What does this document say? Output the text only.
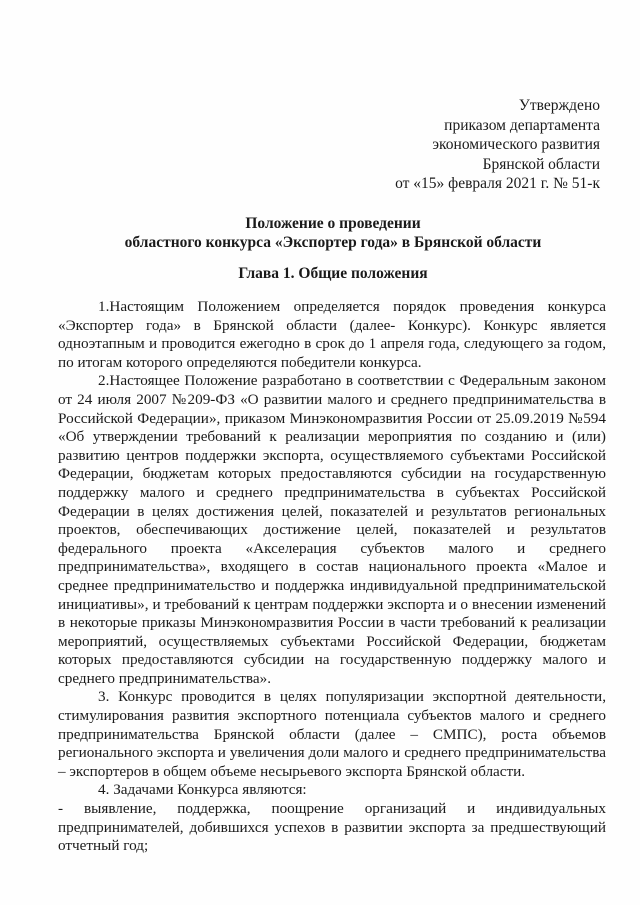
Утверждено
приказом департамента
экономического развития
Брянской области
от «15» февраля 2021 г. № 51-к
Положение о проведении
областного конкурса «Экспортер года» в Брянской области
Глава 1. Общие положения

1.Настоящим Положением определяется порядок проведения конкурса «Экспортер года» в Брянской области (далее- Конкурс). Конкурс является одноэтапным и проводится ежегодно в срок до 1 апреля года, следующего за годом, по итогам которого определяются победители конкурса.

2.Настоящее Положение разработано в соответствии с Федеральным законом от 24 июля 2007 №209-ФЗ «О развитии малого и среднего предпринимательства в Российской Федерации», приказом Минэкономразвития России от 25.09.2019 №594 «Об утверждении требований к реализации мероприятия по созданию и (или) развитию центров поддержки экспорта, осуществляемого субъектами Российской Федерации, бюджетам которых предоставляются субсидии на государственную поддержку малого и среднего предпринимательства в субъектах Российской Федерации в целях достижения целей, показателей и результатов региональных проектов, обеспечивающих достижение целей, показателей и результатов федерального проекта «Акселерация субъектов малого и среднего предпринимательства», входящего в состав национального проекта «Малое и среднее предпринимательство и поддержка индивидуальной предпринимательской инициативы», и требований к центрам поддержки экспорта и о внесении изменений в некоторые приказы Минэкономразвития России в части требований к реализации мероприятий, осуществляемых субъектами Российской Федерации, бюджетам которых предоставляются субсидии на государственную поддержку малого и среднего предпринимательства».

3. Конкурс проводится в целях популяризации экспортной деятельности, стимулирования развития экспортного потенциала субъектов малого и среднего предпринимательства Брянской области (далее – СМПС), роста объемов регионального экспорта и увеличения доли малого и среднего предпринимательства – экспортеров в общем объеме несырьевого экспорта Брянской области.

4. Задачами Конкурса являются:

- выявление, поддержка, поощрение организаций и индивидуальных предпринимателей, добившихся успехов в развитии экспорта за предшествующий отчетный год;
